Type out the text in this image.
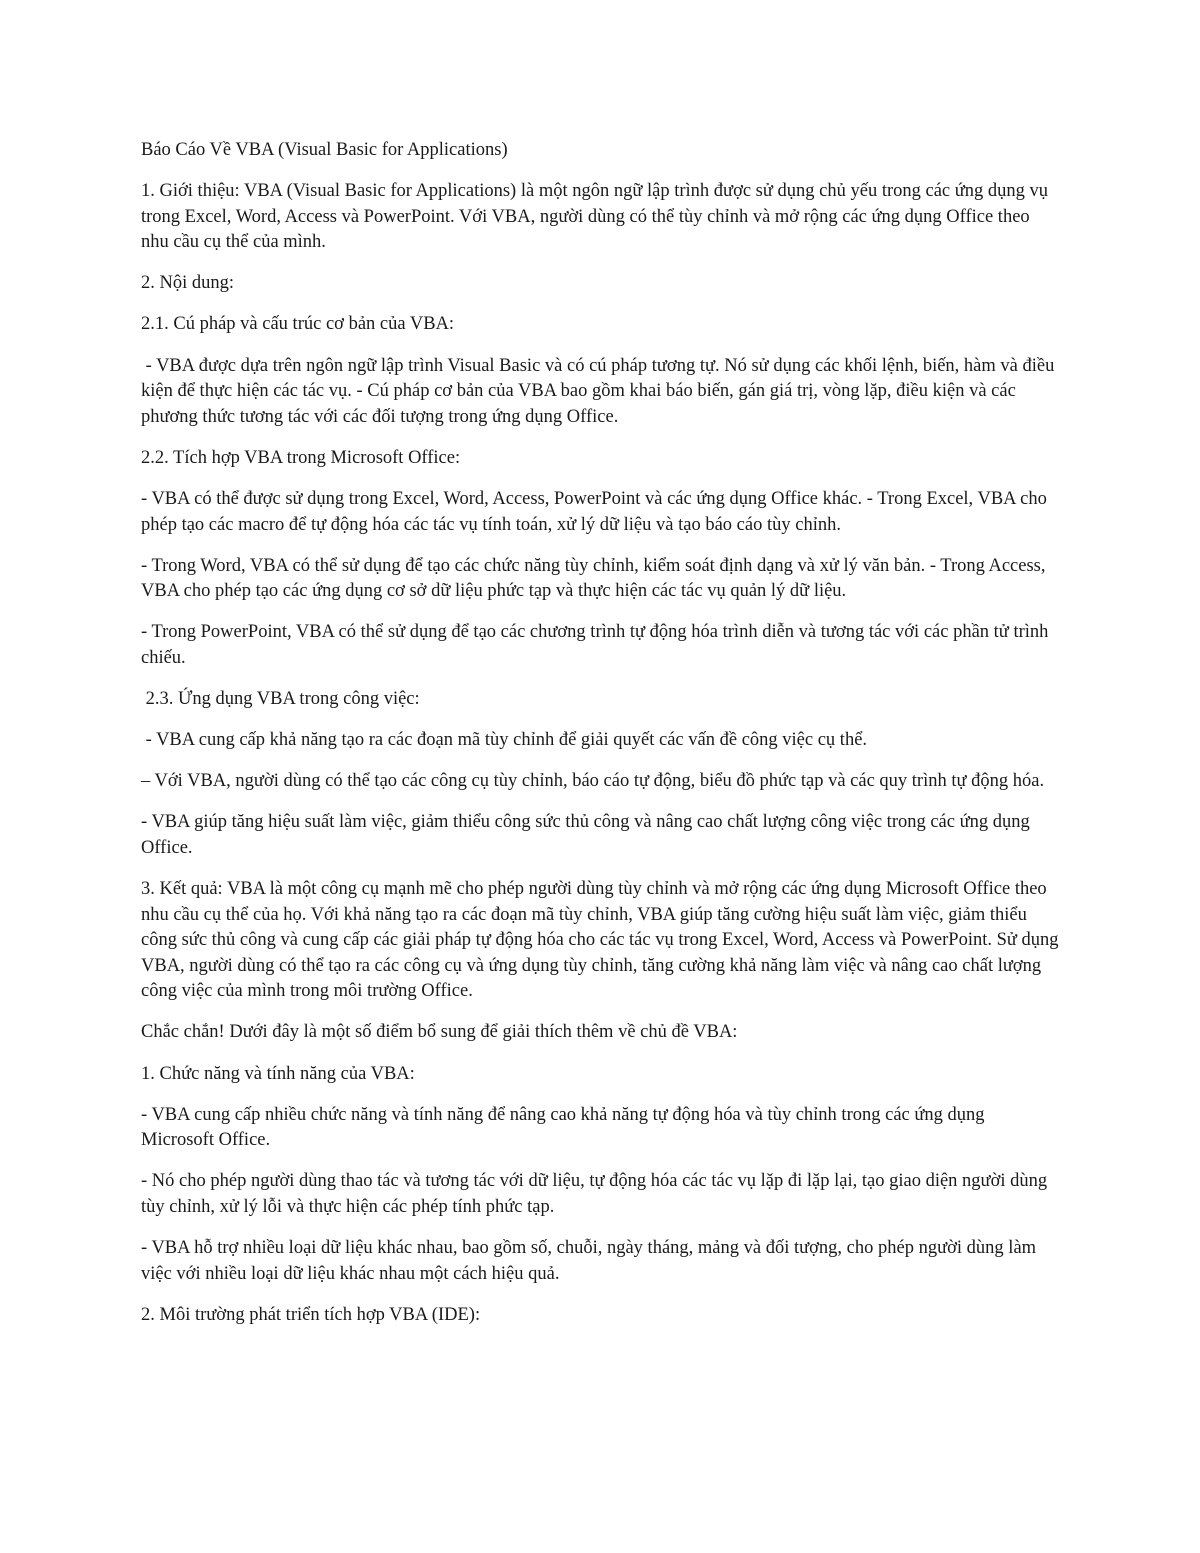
Báo Cáo Về VBA (Visual Basic for Applications)

1. Giới thiệu: VBA (Visual Basic for Applications) là một ngôn ngữ lập trình được sử dụng chủ yếu trong các ứng dụng vụ trong Excel, Word, Access và PowerPoint. Với VBA, người dùng có thể tùy chỉnh và mở rộng các ứng dụng Office theo nhu cầu cụ thể của mình.

2. Nội dung:

2.1. Cú pháp và cấu trúc cơ bản của VBA:

- VBA được dựa trên ngôn ngữ lập trình Visual Basic và có cú pháp tương tự. Nó sử dụng các khối lệnh, biến, hàm và điều kiện để thực hiện các tác vụ. - Cú pháp cơ bản của VBA bao gồm khai báo biến, gán giá trị, vòng lặp, điều kiện và các phương thức tương tác với các đối tượng trong ứng dụng Office.

2.2. Tích hợp VBA trong Microsoft Office:

- VBA có thể được sử dụng trong Excel, Word, Access, PowerPoint và các ứng dụng Office khác. - Trong Excel, VBA cho phép tạo các macro để tự động hóa các tác vụ tính toán, xử lý dữ liệu và tạo báo cáo tùy chỉnh.

- Trong Word, VBA có thể sử dụng để tạo các chức năng tùy chỉnh, kiểm soát định dạng và xử lý văn bản. - Trong Access, VBA cho phép tạo các ứng dụng cơ sở dữ liệu phức tạp và thực hiện các tác vụ quản lý dữ liệu.

- Trong PowerPoint, VBA có thể sử dụng để tạo các chương trình tự động hóa trình diễn và tương tác với các phần tử trình chiếu.

2.3. Ứng dụng VBA trong công việc:

- VBA cung cấp khả năng tạo ra các đoạn mã tùy chỉnh để giải quyết các vấn đề công việc cụ thể.

– Với VBA, người dùng có thể tạo các công cụ tùy chỉnh, báo cáo tự động, biểu đồ phức tạp và các quy trình tự động hóa.

- VBA giúp tăng hiệu suất làm việc, giảm thiểu công sức thủ công và nâng cao chất lượng công việc trong các ứng dụng Office.

3. Kết quả: VBA là một công cụ mạnh mẽ cho phép người dùng tùy chỉnh và mở rộng các ứng dụng Microsoft Office theo nhu cầu cụ thể của họ. Với khả năng tạo ra các đoạn mã tùy chỉnh, VBA giúp tăng cường hiệu suất làm việc, giảm thiểu công sức thủ công và cung cấp các giải pháp tự động hóa cho các tác vụ trong Excel, Word, Access và PowerPoint. Sử dụng VBA, người dùng có thể tạo ra các công cụ và ứng dụng tùy chỉnh, tăng cường khả năng làm việc và nâng cao chất lượng công việc của mình trong môi trường Office.

Chắc chắn! Dưới đây là một số điểm bổ sung để giải thích thêm về chủ đề VBA:

1. Chức năng và tính năng của VBA:

- VBA cung cấp nhiều chức năng và tính năng để nâng cao khả năng tự động hóa và tùy chỉnh trong các ứng dụng Microsoft Office.

- Nó cho phép người dùng thao tác và tương tác với dữ liệu, tự động hóa các tác vụ lặp đi lặp lại, tạo giao diện người dùng tùy chỉnh, xử lý lỗi và thực hiện các phép tính phức tạp.

- VBA hỗ trợ nhiều loại dữ liệu khác nhau, bao gồm số, chuỗi, ngày tháng, mảng và đối tượng, cho phép người dùng làm việc với nhiều loại dữ liệu khác nhau một cách hiệu quả.

2. Môi trường phát triển tích hợp VBA (IDE):
